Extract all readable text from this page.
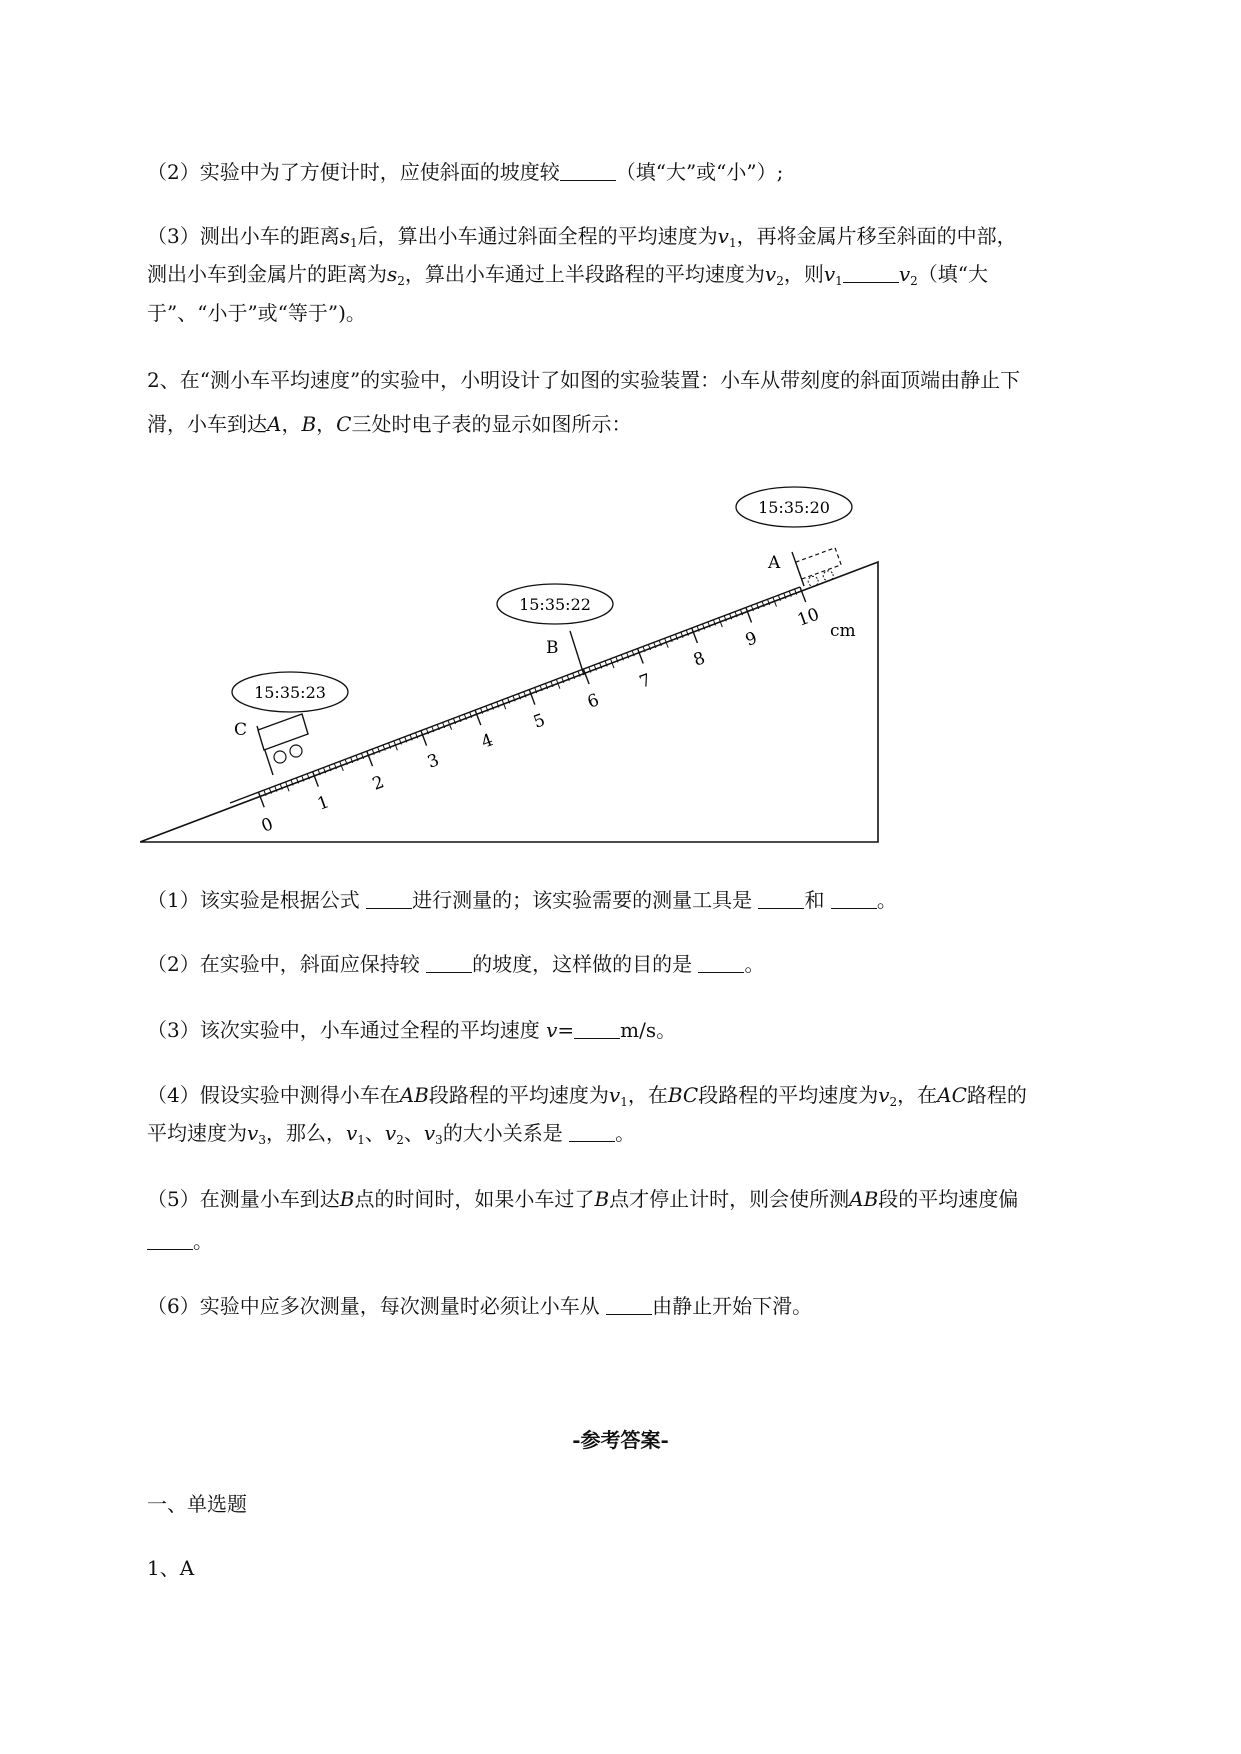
（2）实验中为了方便计时，应使斜面的坡度较	（填“大”或“小”）;
（3）测出小车的距离$s_1$后，算出小车通过斜面全程的平均速度为$v_1$，再将金属片移至斜面的中部，
测出小车到金属片的距离为$s_2$，算出小车通过上半段路程的平均速度为$v_2$，则$v_1$	$v_2$（填“大
于”、“小于”或“等于”)。
2、在“测小车平均速度”的实验中，小明设计了如图的实验装置：小车从带刻度的斜面顶端由静止下
滑，小车到达A，B，C三处时电子表的显示如图所示：
0
1
2
3
4
5
6
7
8
9
10
cm
15:35:20
15:35:22
15:35:23
A
B
C
（1）该实验是根据公式 进行测量的；该实验需要的测量工具是 和 。
（2）在实验中，斜面应保持较 的坡度，这样做的目的是 。
（3）该次实验中，小车通过全程的平均速度 v= m/s。
（4）假设实验中测得小车在AB段路程的平均速度为$v_1$，在BC段路程的平均速度为$v_2$，在AC路程的
平均速度为$v_3$，那么，$v_1$、$v_2$、$v_3$的大小关系是 。
（5）在测量小车到达B点的时间时，如果小车过了B点才停止计时，则会使所测AB段的平均速度偏
。
（6）实验中应多次测量，每次测量时必须让小车从 由静止开始下滑。
-参考答案-
一、单选题
1、A
